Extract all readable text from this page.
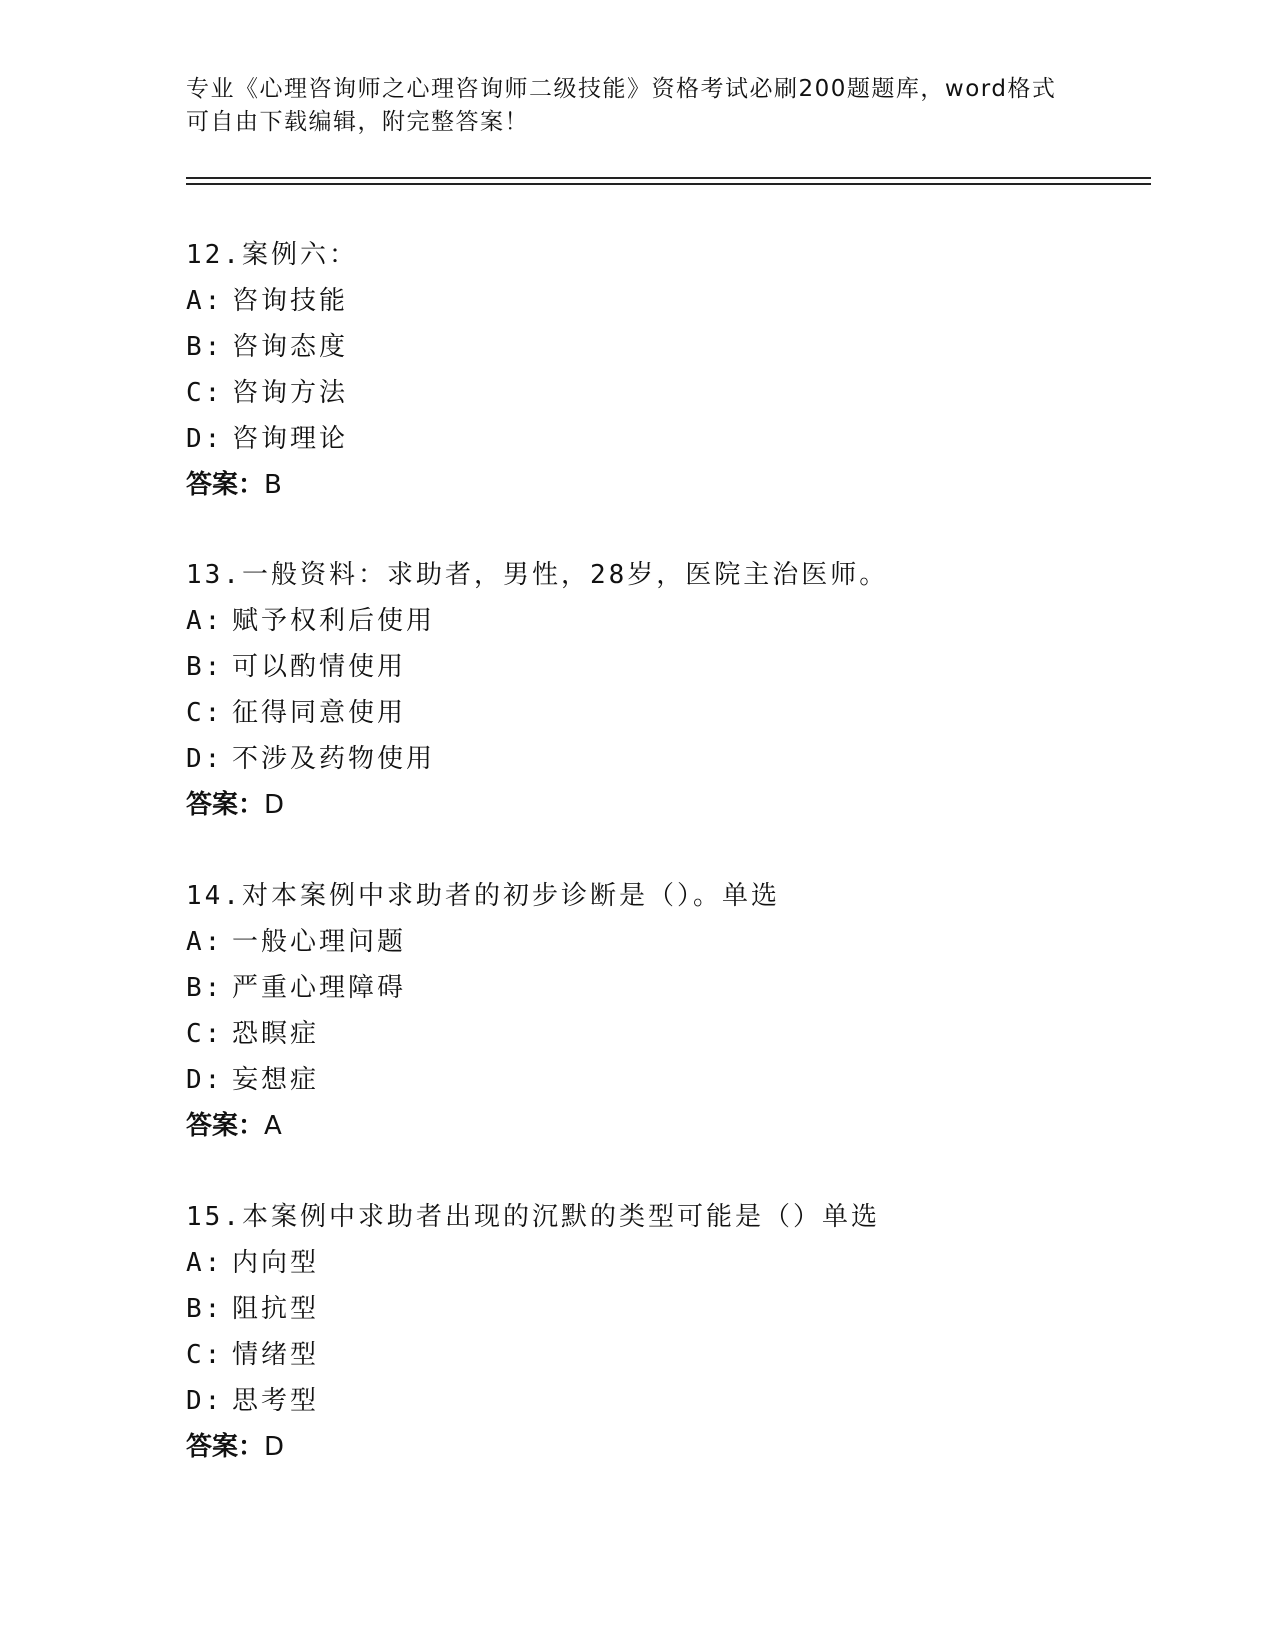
专业《心理咨询师之心理咨询师二级技能》资格考试必刷200题题库，word格式
可自由下载编辑，附完整答案！
12.案例六：
A: 咨询技能
B: 咨询态度
C: 咨询方法
D: 咨询理论
答案：B
13.一般资料：求助者，男性，28岁，医院主治医师。
A: 赋予权利后使用
B: 可以酌情使用
C: 征得同意使用
D: 不涉及药物使用
答案：D
14.对本案例中求助者的初步诊断是（）。单选
A: 一般心理问题
B: 严重心理障碍
C: 恐瞑症
D: 妄想症
答案：A
15.本案例中求助者出现的沉默的类型可能是（）单选
A: 内向型
B: 阻抗型
C: 情绪型
D: 思考型
答案：D
